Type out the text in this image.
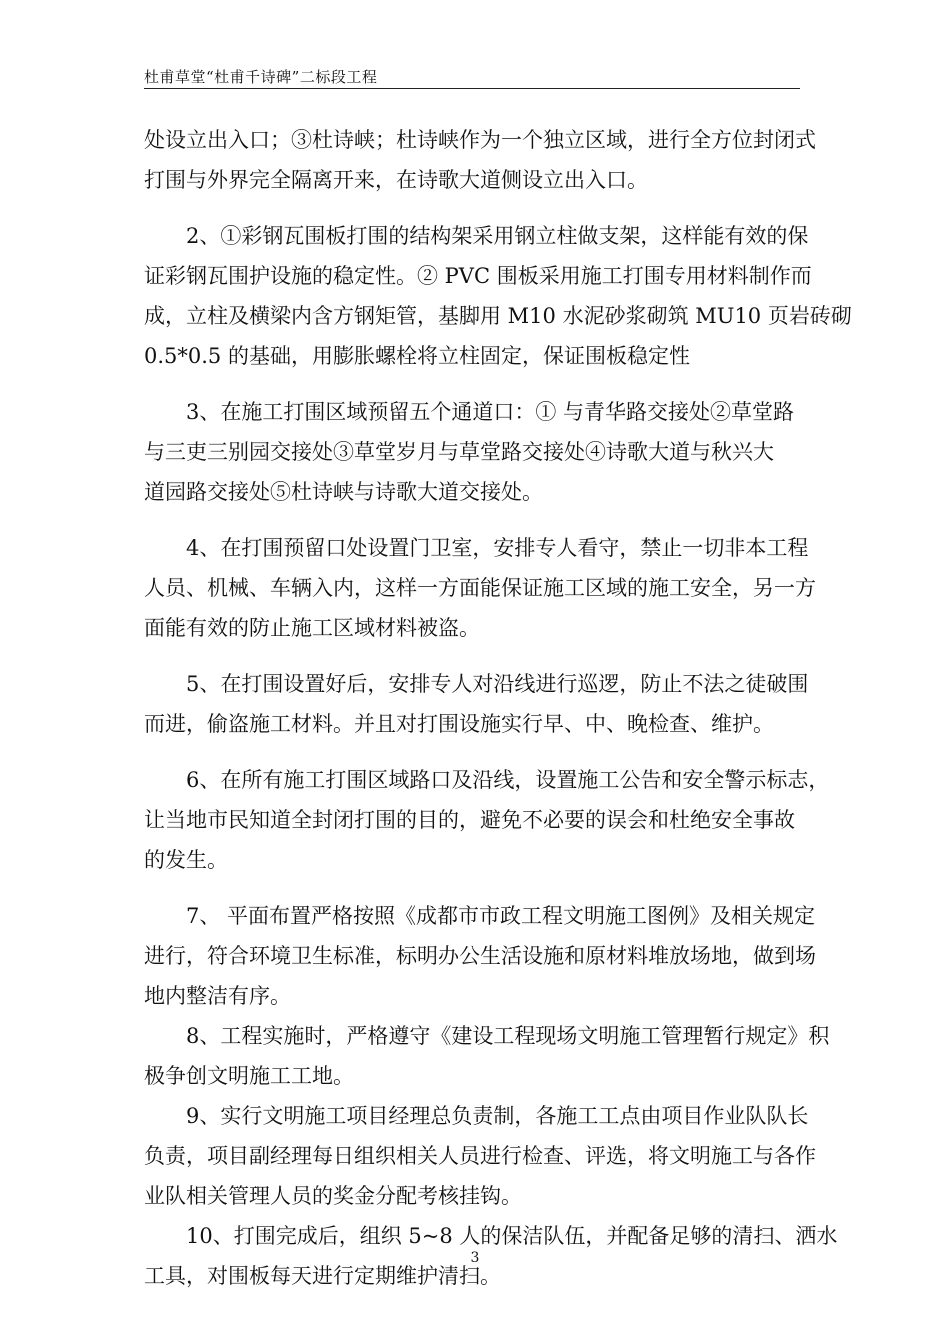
杜甫草堂“杜甫千诗碑”二标段工程
处设立出入口；③杜诗峡；杜诗峡作为一个独立区域，进行全方位封闭式
打围与外界完全隔离开来，在诗歌大道侧设立出入口。
2、①彩钢瓦围板打围的结构架采用钢立柱做支架，这样能有效的保
证彩钢瓦围护设施的稳定性。② PVC 围板采用施工打围专用材料制作而
成，立柱及横梁内含方钢矩管，基脚用 M10 水泥砂浆砌筑 MU10 页岩砖砌
0.5*0.5 的基础，用膨胀螺栓将立柱固定，保证围板稳定性
3、在施工打围区域预留五个通道口：① 与青华路交接处②草堂路
与三吏三别园交接处③草堂岁月与草堂路交接处④诗歌大道与秋兴大
道园路交接处⑤杜诗峡与诗歌大道交接处。
4、在打围预留口处设置门卫室，安排专人看守，禁止一切非本工程
人员、机械、车辆入内，这样一方面能保证施工区域的施工安全，另一方
面能有效的防止施工区域材料被盗。
5、在打围设置好后，安排专人对沿线进行巡逻，防止不法之徒破围
而进，偷盗施工材料。并且对打围设施实行早、中、晚检查、维护。
6、在所有施工打围区域路口及沿线，设置施工公告和安全警示标志，
让当地市民知道全封闭打围的目的，避免不必要的误会和杜绝安全事故
的发生。
7、 平面布置严格按照《成都市市政工程文明施工图例》及相关规定
进行，符合环境卫生标准，标明办公生活设施和原材料堆放场地，做到场
地内整洁有序。
8、工程实施时，严格遵守《建设工程现场文明施工管理暂行规定》积
极争创文明施工工地。
9、实行文明施工项目经理总负责制，各施工工点由项目作业队队长
负责，项目副经理每日组织相关人员进行检查、评选，将文明施工与各作
业队相关管理人员的奖金分配考核挂钩。
10、打围完成后，组织 5~8 人的保洁队伍，并配备足够的清扫、洒水
工具，对围板每天进行定期维护清扫。
3
